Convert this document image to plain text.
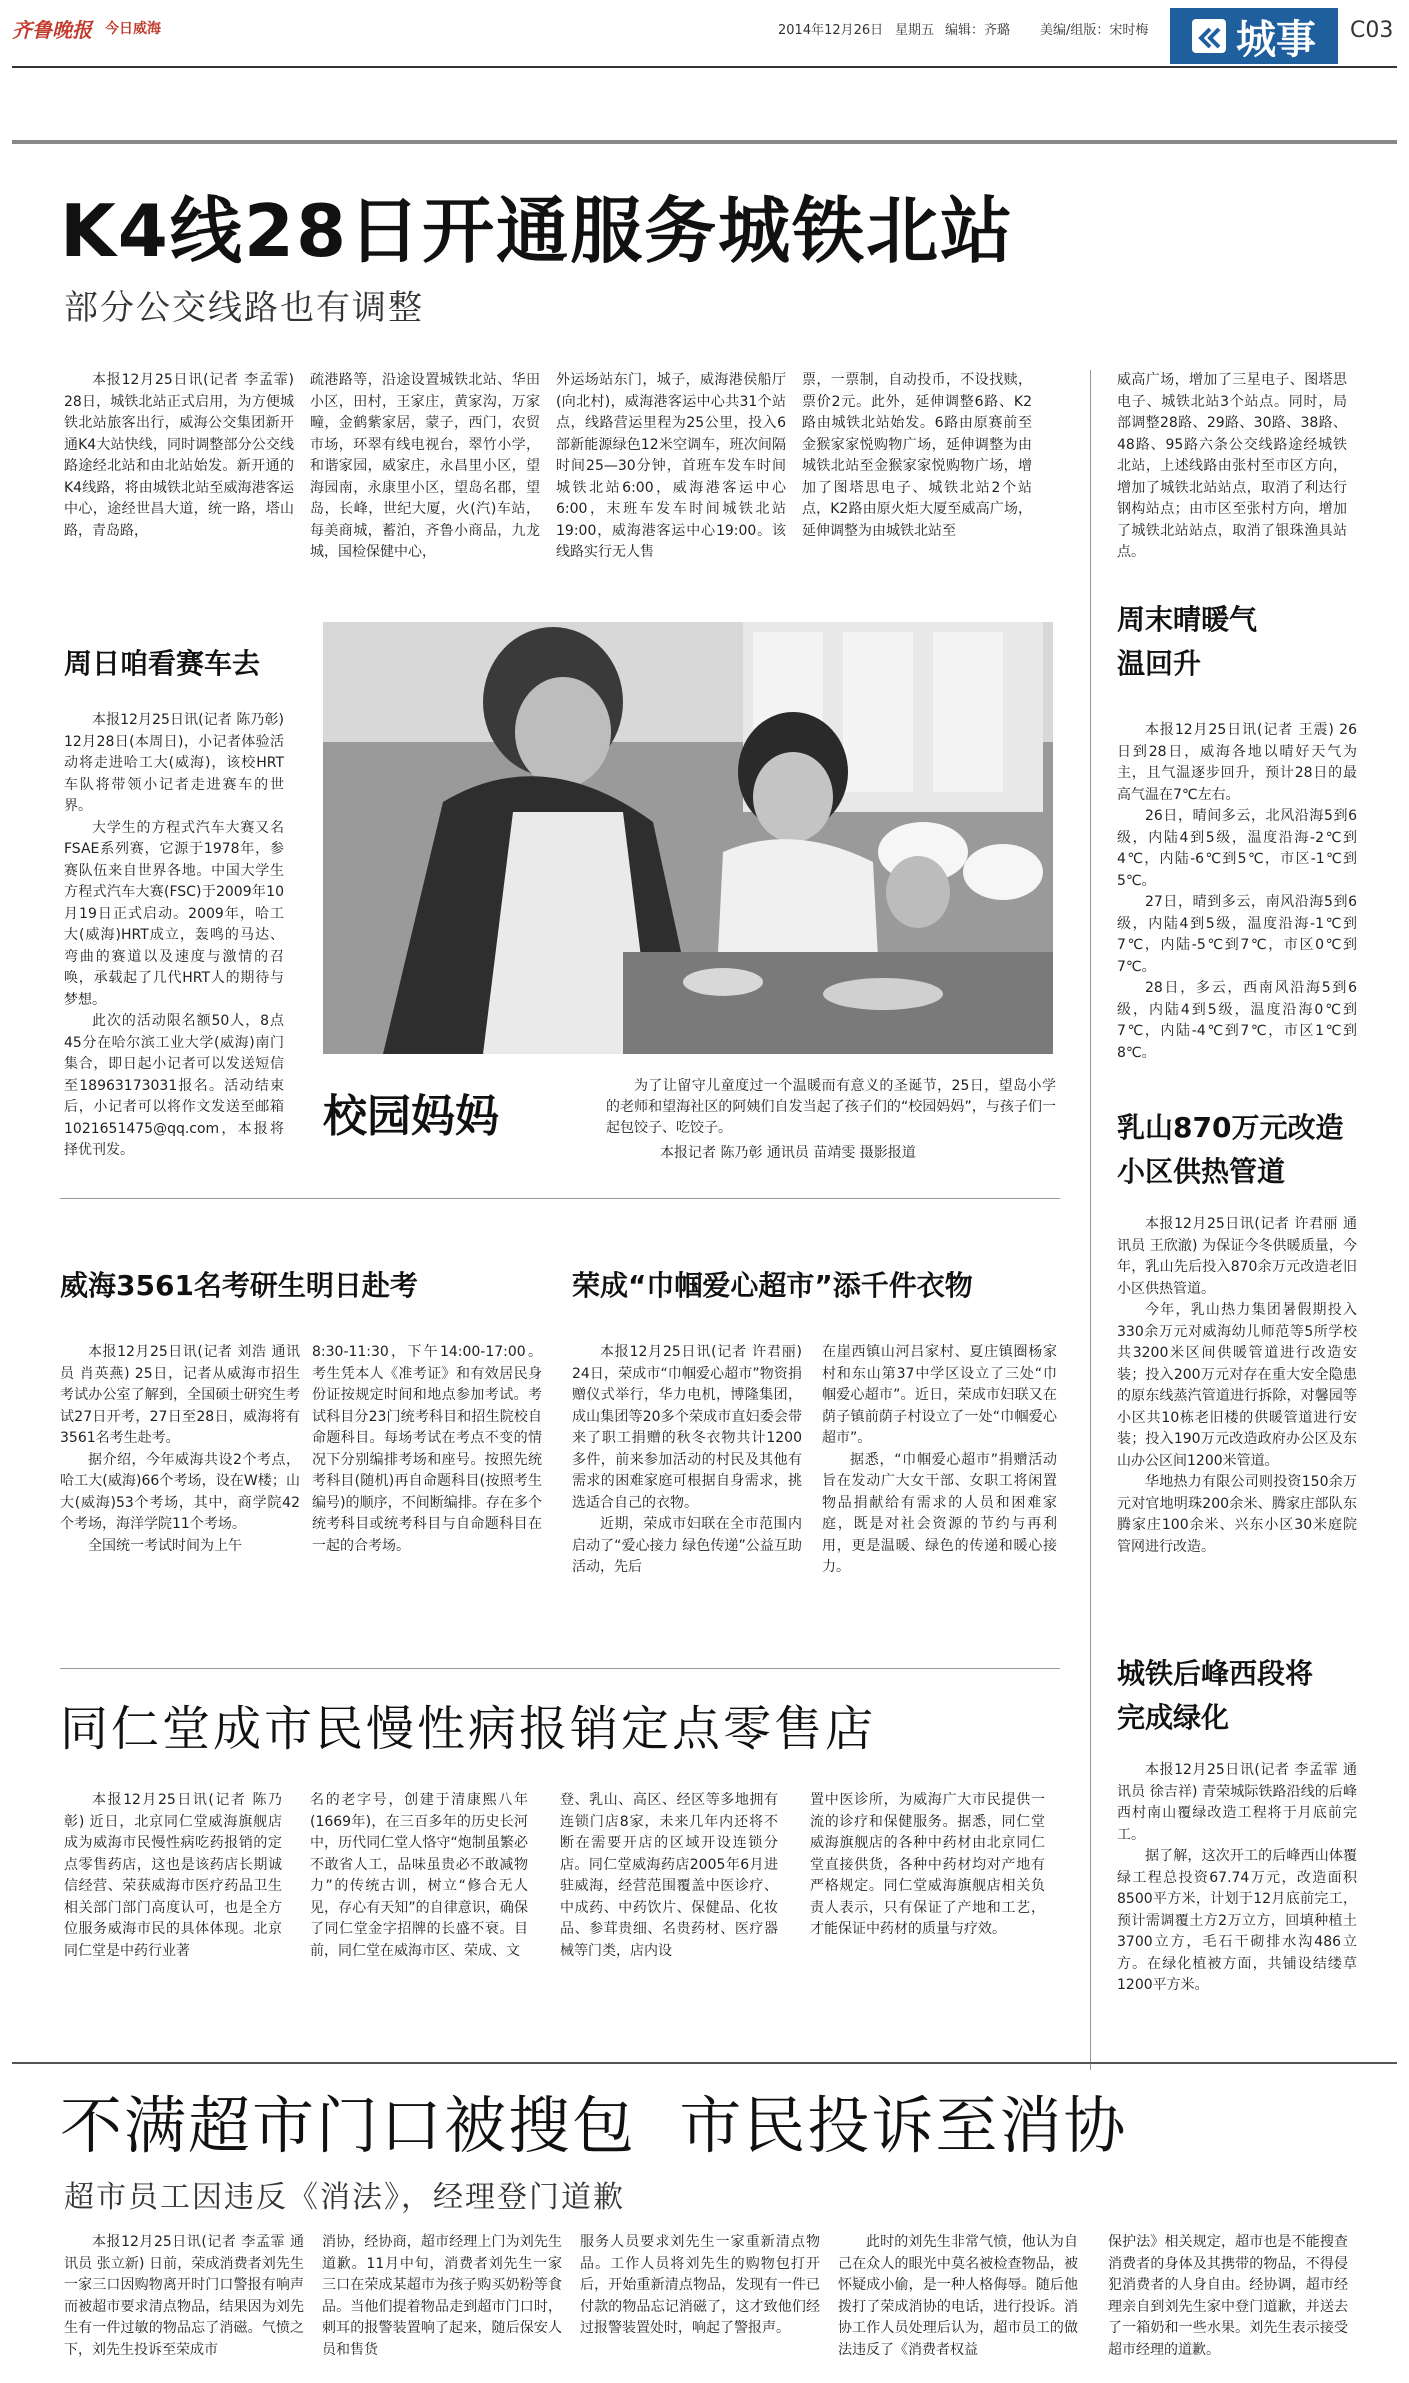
齐鲁晚报 今日威海	2014年12月26日 星期五 编辑：齐璐 美编/组版：宋时梅 城事 C03
K4线28日开通服务城铁北站
部分公交线路也有调整

本报12月25日讯(记者 李孟霏) 28日，城铁北站正式启用，为方便城铁北站旅客出行，威海公交集团新开通K4大站快线，同时调整部分公交线路途经北站和由北站始发。新开通的K4线路，将由城铁北站至威海港客运中心，途经世昌大道，统一路，塔山路，青岛路，

疏港路等，沿途设置城铁北站、华田小区，田村，王家庄，黄家沟，万家疃，金鹤紫家居，蒙子，西门，农贸市场，环翠有线电视台，翠竹小学，和谐家园，威家庄，永昌里小区，望海园南，永康里小区，望岛名郡，望岛，长峰，世纪大厦，火(汽)车站，每美商城，蓄泊，齐鲁小商品，九龙城，国检保健中心，

外运场站东门，城子，威海港侯船厅(向北村)，威海港客运中心共31个站点，线路营运里程为25公里，投入6部新能源绿色12米空调车，班次间隔时间25—30分钟，首班车发车时间城铁北站6:00，威海港客运中心6:00，末班车发车时间城铁北站19:00，威海港客运中心19:00。该线路实行无人售

票，一票制，自动投币，不设找赎，票价2元。此外，延伸调整6路、K2路由城铁北站始发。6路由原赛前至金猴家家悦购物广场，延伸调整为由城铁北站至金猴家家悦购物广场，增加了图塔思电子、城铁北站2个站点，K2路由原火炬大厦至威高广场，延伸调整为由城铁北站至

威高广场，增加了三星电子、图塔思电子、城铁北站3个站点。同时，局部调整28路、29路、30路、38路、48路、95路六条公交线路途经城铁北站，上述线路由张村至市区方向，增加了城铁北站站点，取消了利达行钢构站点；由市区至张村方向，增加了城铁北站站点，取消了银珠渔具站点。

周日咱看赛车去

本报12月25日讯(记者 陈乃彰) 12月28日(本周日)，小记者体验活动将走进哈工大(威海)，该校HRT车队将带领小记者走进赛车的世界。

大学生的方程式汽车大赛又名FSAE系列赛，它源于1978年，参赛队伍来自世界各地。中国大学生方程式汽车大赛(FSC)于2009年10月19日正式启动。2009年，哈工大(威海)HRT成立，轰鸣的马达、弯曲的赛道以及速度与激情的召唤，承载起了几代HRT人的期待与梦想。

此次的活动限名额50人，8点45分在哈尔滨工业大学(威海)南门集合，即日起小记者可以发送短信至18963173031报名。活动结束后，小记者可以将作文发送至邮箱1021651475@qq.com，本报将择优刊发。

校园妈妈

为了让留守儿童度过一个温暖而有意义的圣诞节，25日，望岛小学的老师和望海社区的阿姨们自发当起了孩子们的“校园妈妈”，与孩子们一起包饺子、吃饺子。

本报记者 陈乃彰 通讯员 苗靖雯 摄影报道
周末晴暖气温回升

本报12月25日讯(记者 王震) 26日到28日，威海各地以晴好天气为主，且气温逐步回升，预计28日的最高气温在7℃左右。

26日，晴间多云，北风沿海5到6级，内陆4到5级，温度沿海-2℃到4℃，内陆-6℃到5℃，市区-1℃到5℃。

27日，晴到多云，南风沿海5到6级，内陆4到5级，温度沿海-1℃到7℃，内陆-5℃到7℃，市区0℃到7℃。

28日，多云，西南风沿海5到6级，内陆4到5级，温度沿海0℃到7℃，内陆-4℃到7℃，市区1℃到8℃。

乳山870万元改造小区供热管道

本报12月25日讯(记者 许君丽 通讯员 王欣澈) 为保证今冬供暖质量，今年，乳山先后投入870余万元改造老旧小区供热管道。

今年，乳山热力集团暑假期投入330余万元对威海幼儿师范等5所学校共3200米区间供暖管道进行改造安装；投入200万元对存在重大安全隐患的原东线蒸汽管道进行拆除，对馨园等小区共10栋老旧楼的供暖管道进行安装；投入190万元改造政府办公区及东山办公区间1200米管道。

华地热力有限公司则投资150余万元对官地明珠200余米、腾家庄部队东腾家庄100余米、兴东小区30米庭院管网进行改造。

城铁后峰西段将完成绿化

本报12月25日讯(记者 李孟霏 通讯员 徐吉祥) 青荣城际铁路沿线的后峰西村南山覆绿改造工程将于月底前完工。

据了解，这次开工的后峰西山体覆绿工程总投资67.74万元，改造面积8500平方米，计划于12月底前完工，预计需调覆土方2万立方，回填种植土3700立方，毛石干砌排水沟486立方。在绿化植被方面，共铺设结缕草1200平方米。

威海3561名考研生明日赴考

本报12月25日讯(记者 刘浩 通讯员 肖英燕) 25日，记者从威海市招生考试办公室了解到，全国硕士研究生考试27日开考，27日至28日，威海将有3561名考生赴考。

据介绍，今年威海共设2个考点，哈工大(威海)66个考场，设在W楼；山大(威海)53个考场，其中，商学院42个考场，海洋学院11个考场。

全国统一考试时间为上午

8:30-11:30，下午14:00-17:00。考生凭本人《准考证》和有效居民身份证按规定时间和地点参加考试。考试科目分23门统考科目和招生院校自命题科目。每场考试在考点不变的情况下分别编排考场和座号。按照先统考科目(随机)再自命题科目(按照考生编号)的顺序，不间断编排。存在多个统考科目或统考科目与自命题科目在一起的合考场。

荣成“巾帼爱心超市”添千件衣物

本报12月25日讯(记者 许君丽) 24日，荣成市“巾帼爱心超市”物资捐赠仪式举行，华力电机，博隆集团，成山集团等20多个荣成市直妇委会带来了职工捐赠的秋冬衣物共计1200多件，前来参加活动的村民及其他有需求的困难家庭可根据自身需求，挑选适合自己的衣物。

近期，荣成市妇联在全市范围内启动了“爱心接力 绿色传递”公益互助活动，先后

在崖西镇山河吕家村、夏庄镇圈杨家村和东山第37中学区设立了三处“巾帼爱心超市”。近日，荣成市妇联又在荫子镇前荫子村设立了一处“巾帼爱心超市”。

据悉，“巾帼爱心超市”捐赠活动旨在发动广大女干部、女职工将闲置物品捐献给有需求的人员和困难家庭，既是对社会资源的节约与再利用，更是温暖、绿色的传递和暖心接力。

同仁堂成市民慢性病报销定点零售店

本报12月25日讯(记者 陈乃彰) 近日，北京同仁堂威海旗舰店成为威海市民慢性病吃药报销的定点零售药店，这也是该药店长期诚信经营、荣获威海市医疗药品卫生相关部门部门高度认可，也是全方位服务威海市民的具体体现。北京同仁堂是中药行业著

名的老字号，创建于清康熙八年(1669年)，在三百多年的历史长河中，历代同仁堂人恪守“炮制虽繁必不敢省人工，品味虽贵必不敢减物力”的传统古训，树立“修合无人见，存心有天知”的自律意识，确保了同仁堂金字招牌的长盛不衰。目前，同仁堂在威海市区、荣成、文

登、乳山、高区、经区等多地拥有连锁门店8家，未来几年内还将不断在需要开店的区域开设连锁分店。同仁堂威海药店2005年6月进驻威海，经营范围覆盖中医诊疗、中成药、中药饮片、保健品、化妆品、参茸贵细、名贵药材、医疗器械等门类，店内设

置中医诊所，为威海广大市民提供一流的诊疗和保健服务。据悉，同仁堂威海旗舰店的各种中药材由北京同仁堂直接供货，各种中药材均对产地有严格规定。同仁堂威海旗舰店相关负责人表示，只有保证了产地和工艺，才能保证中药材的质量与疗效。

不满超市门口被搜包  市民投诉至消协
超市员工因违反《消法》，经理登门道歉

本报12月25日讯(记者 李孟霏 通讯员 张立新) 日前，荣成消费者刘先生一家三口因购物离开时门口警报有响声而被超市要求清点物品，结果因为刘先生有一件过敏的物品忘了消磁。气愤之下，刘先生投诉至荣成市

消协，经协商，超市经理上门为刘先生道歉。11月中旬，消费者刘先生一家三口在荣成某超市为孩子购买奶粉等食品。当他们提着物品走到超市门口时，刺耳的报警装置响了起来，随后保安人员和售货

服务人员要求刘先生一家重新清点物品。工作人员将刘先生的购物包打开后，开始重新清点物品，发现有一件已付款的物品忘记消磁了，这才致他们经过报警装置处时，响起了警报声。

此时的刘先生非常气愤，他认为自己在众人的眼光中莫名被检查物品，被怀疑成小偷，是一种人格侮辱。随后他拨打了荣成消协的电话，进行投诉。消协工作人员处理后认为，超市员工的做法违反了《消费者权益

保护法》相关规定，超市也是不能搜查消费者的身体及其携带的物品，不得侵犯消费者的人身自由。经协调，超市经理亲自到刘先生家中登门道歉，并送去了一箱奶和一些水果。刘先生表示接受超市经理的道歉。
